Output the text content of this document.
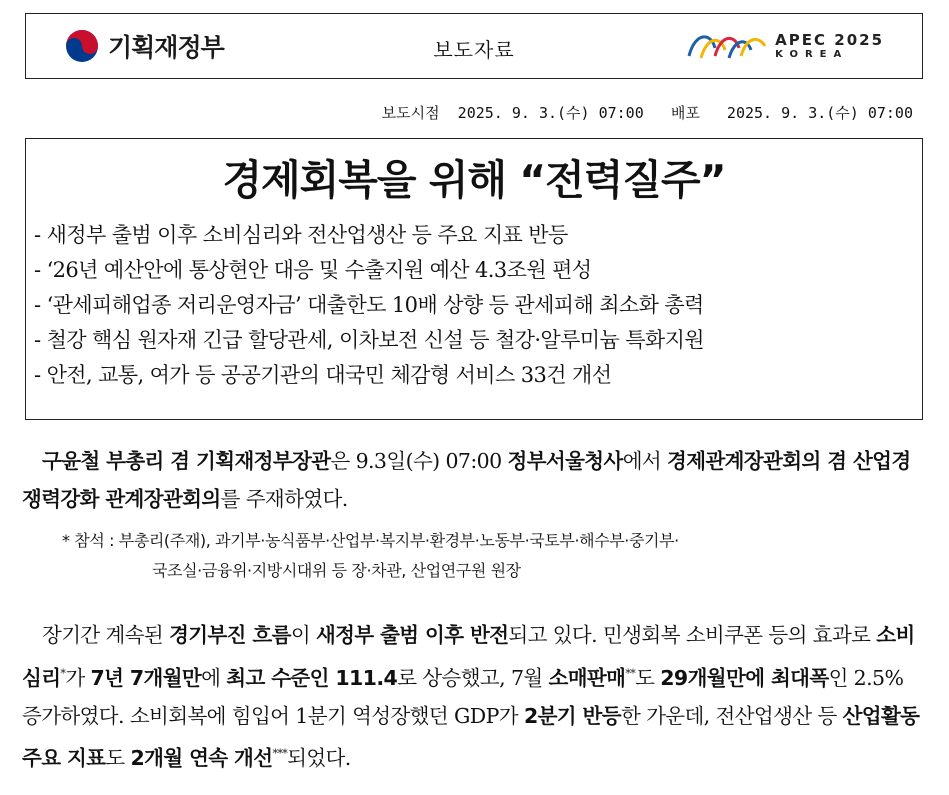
기획재정부	보도자료	APEC 2025
KOREA
보도시점 2025. 9. 3.(수) 07:00 배포 2025. 9. 3.(수) 07:00
경제회복을 위해 “전력질주”
- 새정부 출범 이후 소비심리와 전산업생산 등 주요 지표 반등
- ‘26년 예산안에 통상현안 대응 및 수출지원 예산 4.3조원 편성
- ‘관세피해업종 저리운영자금’ 대출한도 10배 상향 등 관세피해 최소화 총력
- 철강 핵심 원자재 긴급 할당관세, 이차보전 신설 등 철강·알루미늄 특화지원
- 안전, 교통, 여가 등 공공기관의 대국민 체감형 서비스 33건 개선
구윤철 부총리 겸 기획재정부장관은 9.3일(수) 07:00 정부서울청사에서 경제관계장관회의 겸 산업경쟁력강화 관계장관회의를 주재하였다.
* 참석 : 부총리(주재), 과기부·농식품부·산업부·복지부·환경부·노동부·국토부·해수부·중기부·
국조실·금융위·지방시대위 등 장·차관, 산업연구원 원장
장기간 계속된 경기부진 흐름이 새정부 출범 이후 반전되고 있다. 민생회복 소비쿠폰 등의 효과로 소비심리*가 7년 7개월만에 최고 수준인 111.4로 상승했고, 7월 소매판매**도 29개월만에 최대폭인 2.5% 증가하였다. 소비회복에 힘입어 1분기 역성장했던 GDP가 2분기 반등한 가운데, 전산업생산 등 산업활동 주요 지표도 2개월 연속 개선***되었다.
